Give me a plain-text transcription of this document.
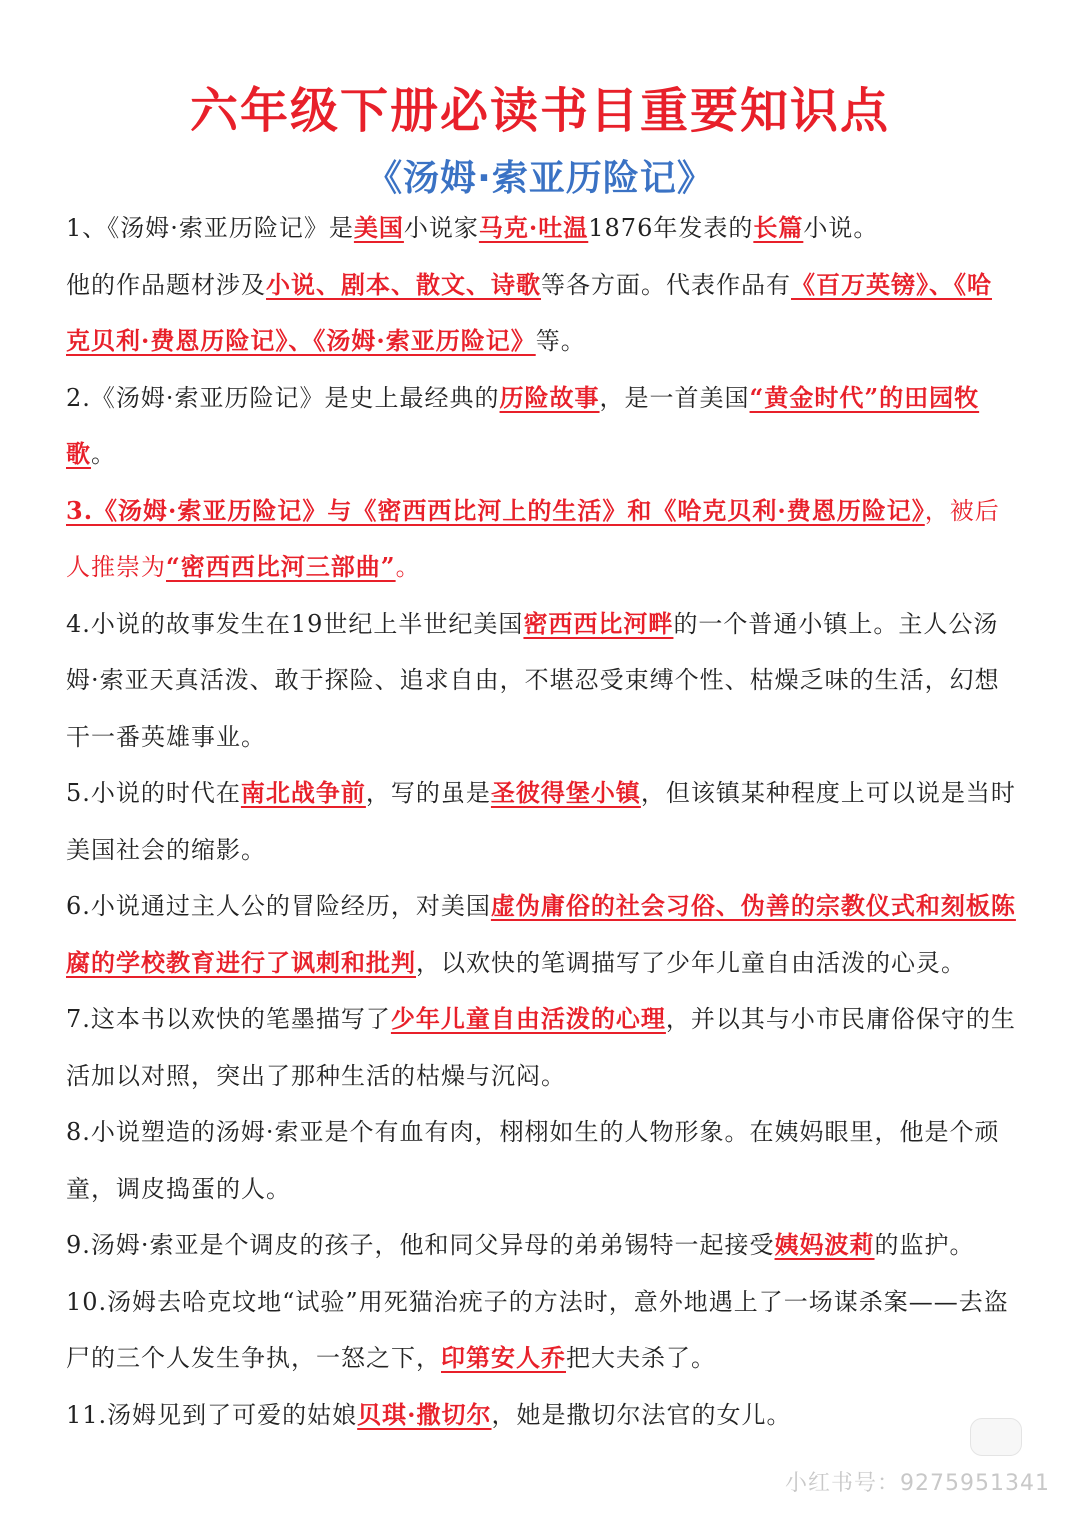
六年级下册必读书目重要知识点
《汤姆·索亚历险记》

1、《汤姆·索亚历险记》是美国小说家马克·吐温1876年发表的长篇小说。

他的作品题材涉及小说、剧本、散文、诗歌等各方面。代表作品有《百万英镑》、《哈克贝利·费恩历险记》、《汤姆·索亚历险记》等。

2.《汤姆·索亚历险记》是史上最经典的历险故事，是一首美国“黄金时代”的田园牧歌。

3.《汤姆·索亚历险记》与《密西西比河上的生活》和《哈克贝利·费恩历险记》，被后人推崇为“密西西比河三部曲”。

4.小说的故事发生在19世纪上半世纪美国密西西比河畔的一个普通小镇上。主人公汤姆·索亚天真活泼、敢于探险、追求自由，不堪忍受束缚个性、枯燥乏味的生活，幻想干一番英雄事业。

5.小说的时代在南北战争前，写的虽是圣彼得堡小镇，但该镇某种程度上可以说是当时美国社会的缩影。

6.小说通过主人公的冒险经历，对美国虚伪庸俗的社会习俗、伪善的宗教仪式和刻板陈腐的学校教育进行了讽刺和批判，以欢快的笔调描写了少年儿童自由活泼的心灵。

7.这本书以欢快的笔墨描写了少年儿童自由活泼的心理，并以其与小市民庸俗保守的生活加以对照，突出了那种生活的枯燥与沉闷。

8.小说塑造的汤姆·索亚是个有血有肉，栩栩如生的人物形象。在姨妈眼里，他是个顽童，调皮捣蛋的人。

9.汤姆·索亚是个调皮的孩子，他和同父异母的弟弟锡特一起接受姨妈波莉的监护。

10.汤姆去哈克坟地“试验”用死猫治疣子的方法时，意外地遇上了一场谋杀案——去盗尸的三个人发生争执，一怒之下，印第安人乔把大夫杀了。

11.汤姆见到了可爱的姑娘贝琪·撒切尔，她是撒切尔法官的女儿。

小红书号：9275951341
